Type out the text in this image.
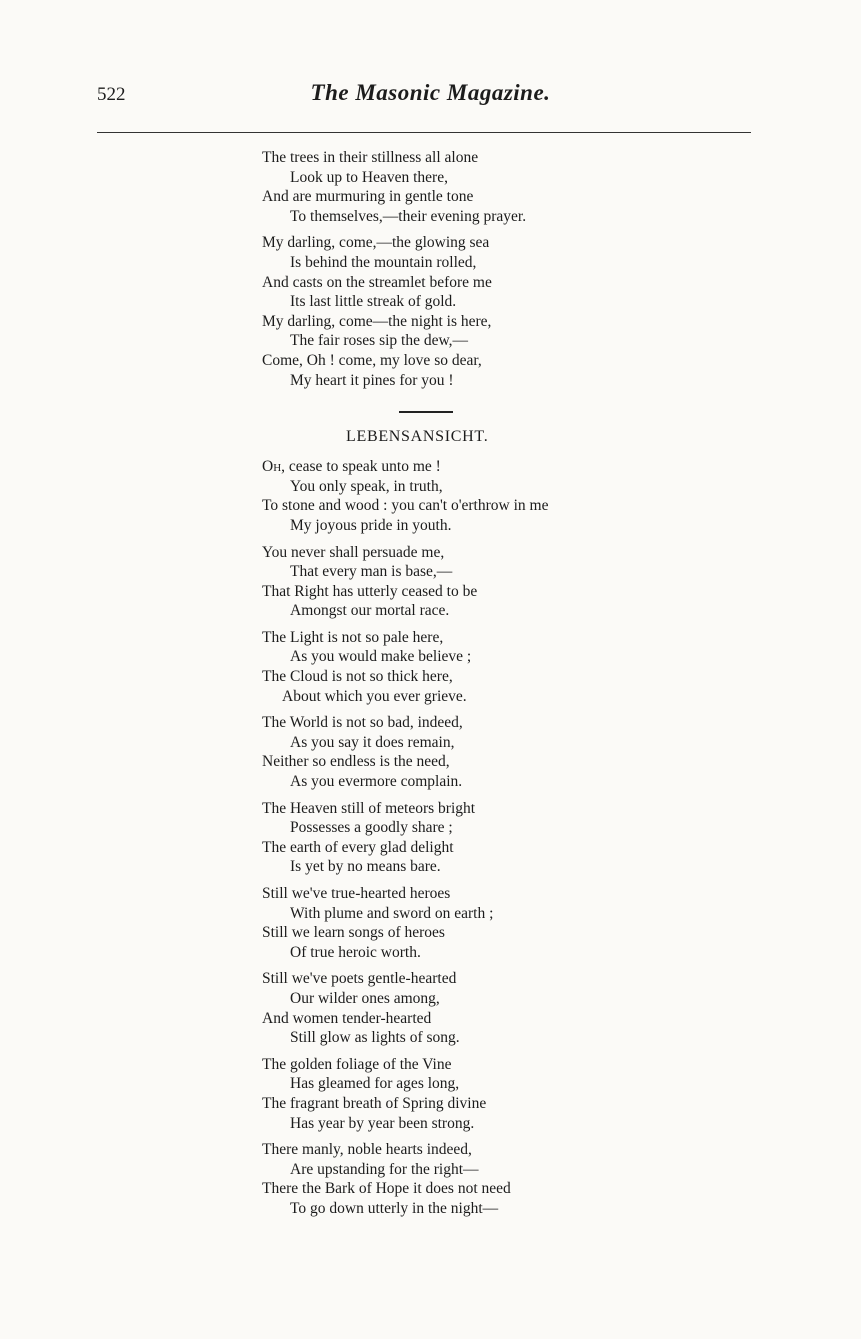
522	The Masonic Magazine.
The trees in their stillness all alone
Look up to Heaven there,
And are murmuring in gentle tone
To themselves,—their evening prayer.
My darling, come,—the glowing sea
Is behind the mountain rolled,
And casts on the streamlet before me
Its last little streak of gold.
My darling, come—the night is here,
The fair roses sip the dew,—
Come, Oh ! come, my love so dear,
My heart it pines for you !
LEBENSANSICHT.
Oh, cease to speak unto me !
You only speak, in truth,
To stone and wood : you can't o'erthrow in me
My joyous pride in youth.
You never shall persuade me,
That every man is base,—
That Right has utterly ceased to be
Amongst our mortal race.
The Light is not so pale here,
As you would make believe ;
The Cloud is not so thick here,
About which you ever grieve.
The World is not so bad, indeed,
As you say it does remain,
Neither so endless is the need,
As you evermore complain.
The Heaven still of meteors bright
Possesses a goodly share ;
The earth of every glad delight
Is yet by no means bare.
Still we've true-hearted heroes
With plume and sword on earth ;
Still we learn songs of heroes
Of true heroic worth.
Still we've poets gentle-hearted
Our wilder ones among,
And women tender-hearted
Still glow as lights of song.
The golden foliage of the Vine
Has gleamed for ages long,
The fragrant breath of Spring divine
Has year by year been strong.
There manly, noble hearts indeed,
Are upstanding for the right—
There the Bark of Hope it does not need
To go down utterly in the night—
